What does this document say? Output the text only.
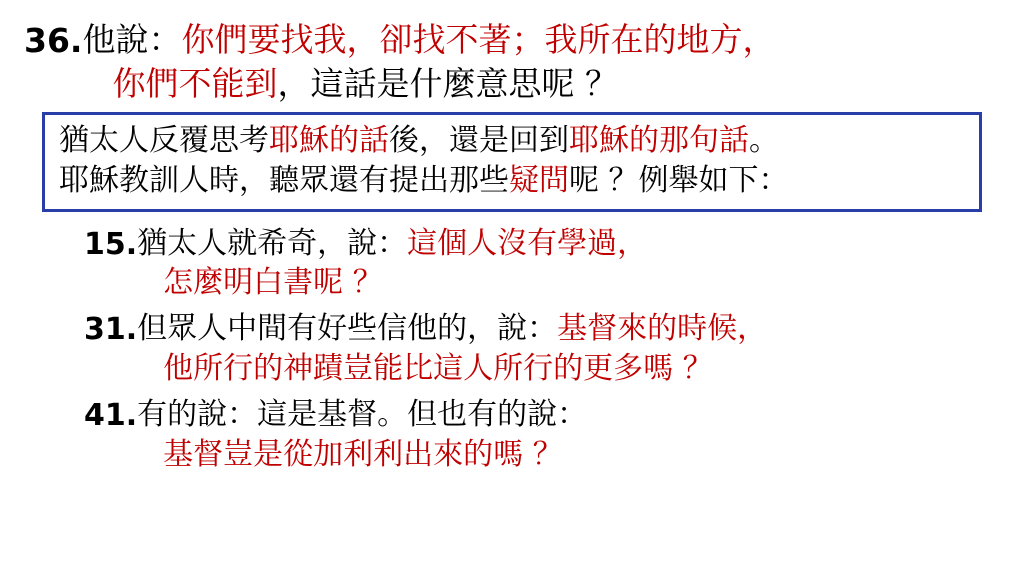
36. 他說：你們要找我，卻找不著；我所在的地方，
你們不能到，這話是什麼意思呢 ？
猶太人反覆思考耶穌的話後，還是回到耶穌的那句話。
耶穌教訓人時，聽眾還有提出那些疑問呢 ？例舉如下：
15. 猶太人就希奇，說：這個人沒有學過，
怎麼明白書呢 ？
31. 但眾人中間有好些信他的，說：基督來的時候，
他所行的神蹟豈能比這人所行的更多嗎 ？
41. 有的說：這是基督。但也有的說：
基督豈是從加利利出來的嗎 ？
